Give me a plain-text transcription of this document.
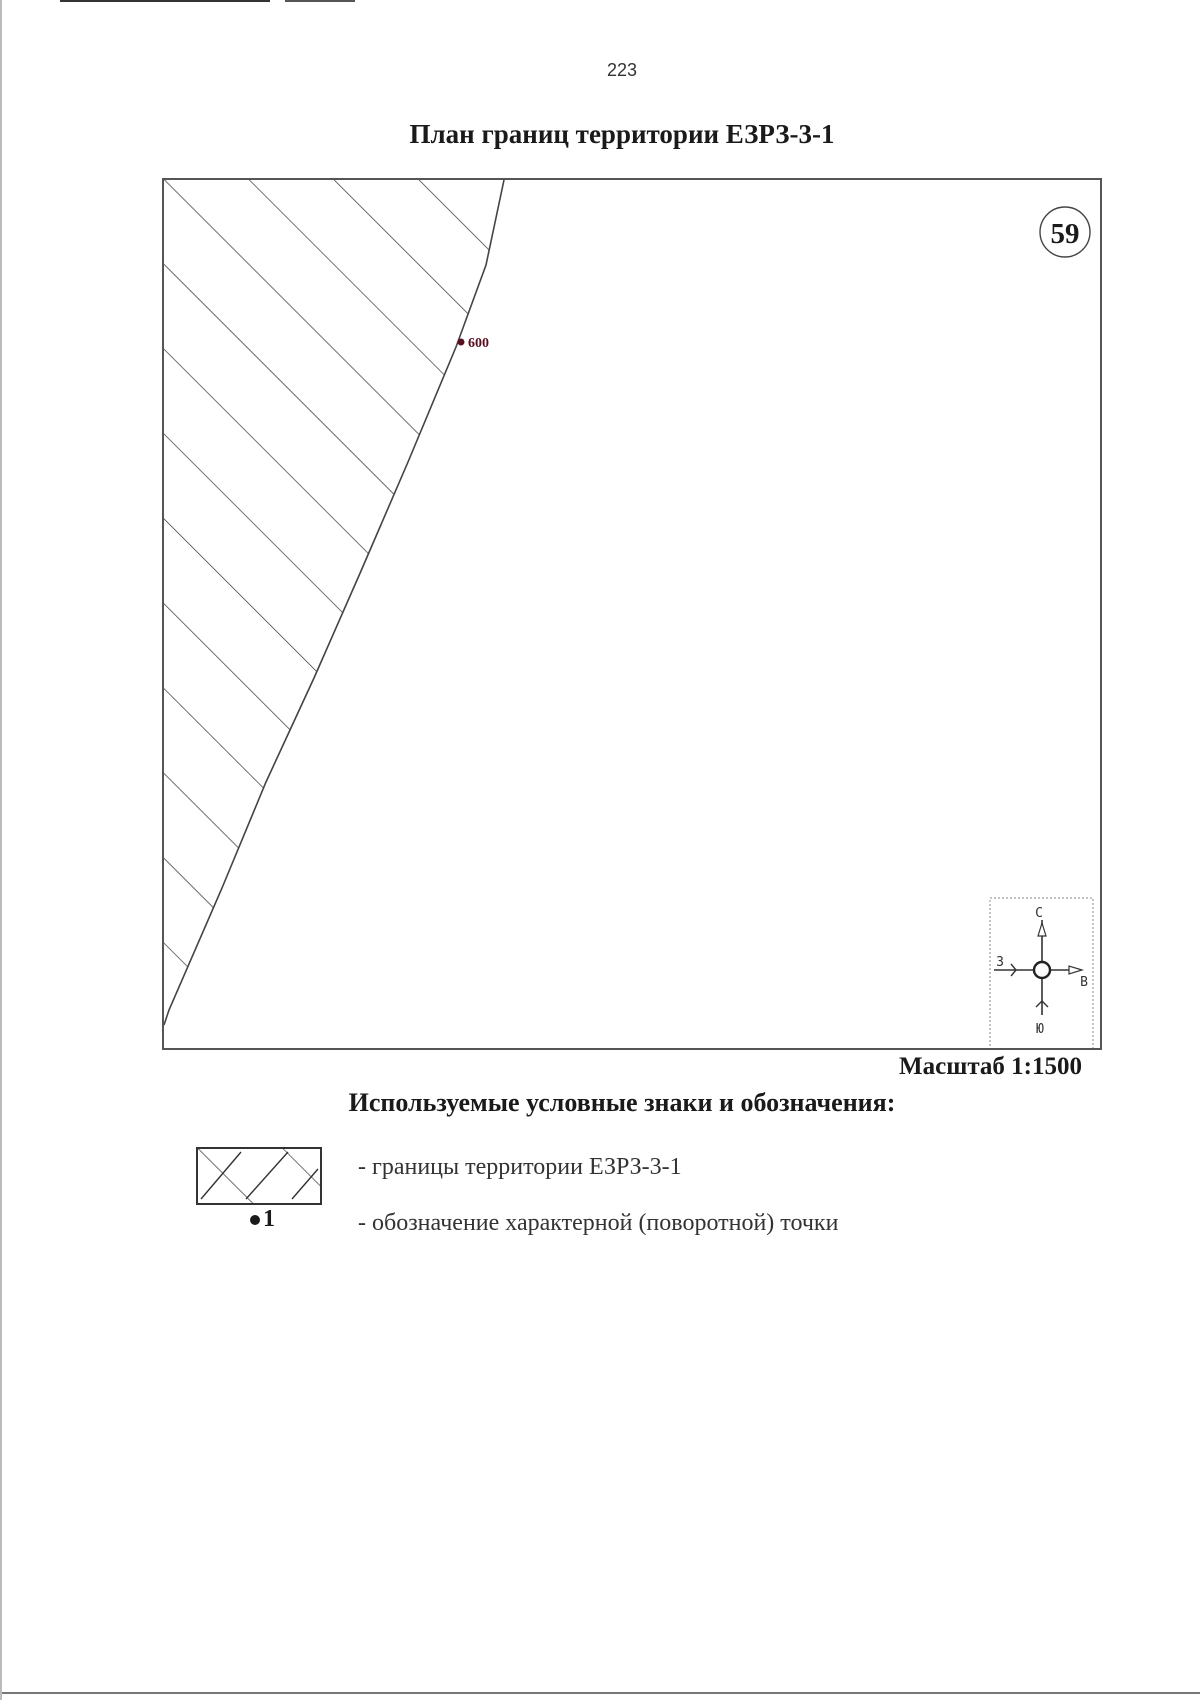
223
План границ территории ЕЗРЗ-3-1
600
59
С
З
В
Ю
Масштаб 1:1500
Используемые условные знаки и обозначения:
1
- границы территории ЕЗРЗ-3-1
- обозначение характерной (поворотной) точки
